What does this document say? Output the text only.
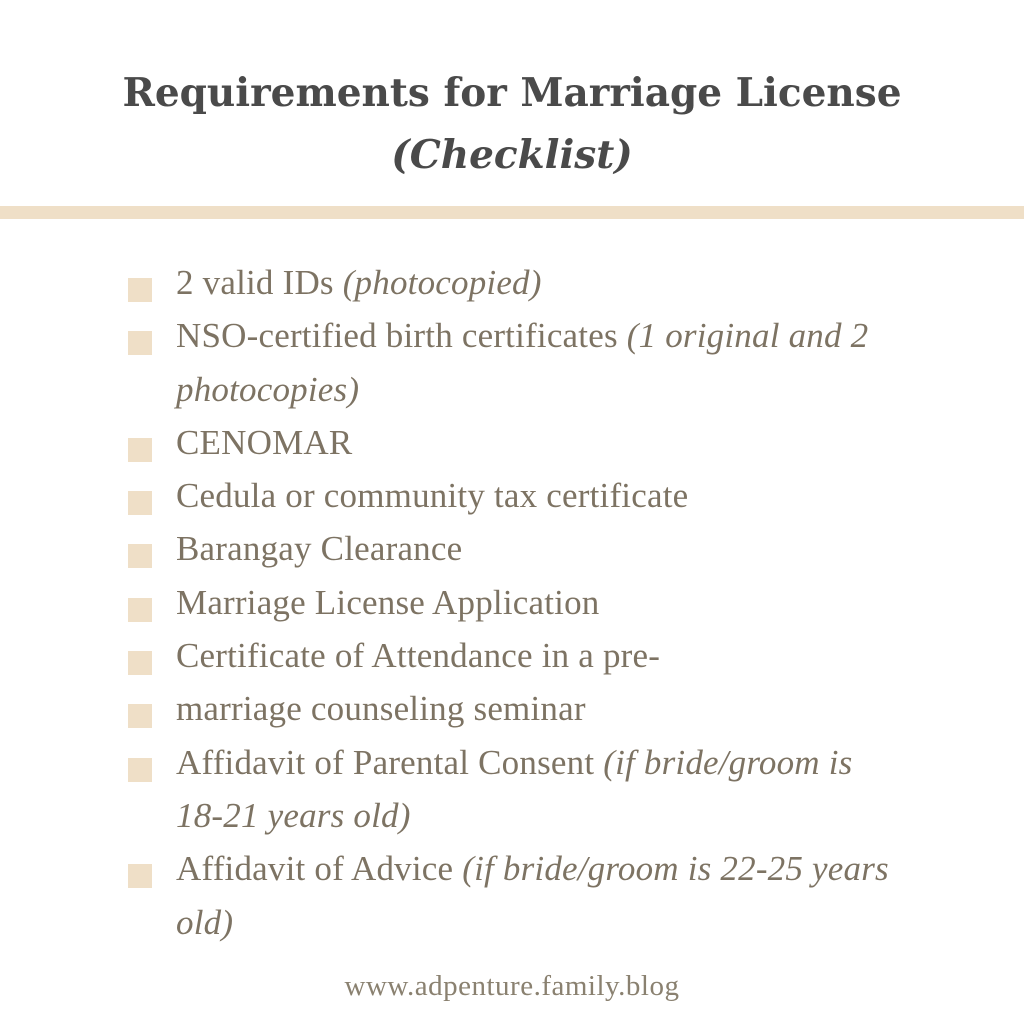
Requirements for Marriage License
(Checklist)
2 valid IDs (photocopied)
NSO-certified birth certificates (1 original and 2 photocopies)
CENOMAR
Cedula or community tax certificate
Barangay Clearance
Marriage License Application
Certificate of Attendance in a pre-
marriage counseling seminar
Affidavit of Parental Consent (if bride/groom is 18-21 years old)
Affidavit of Advice (if bride/groom is 22-25 years old)
www.adpenture.family.blog
